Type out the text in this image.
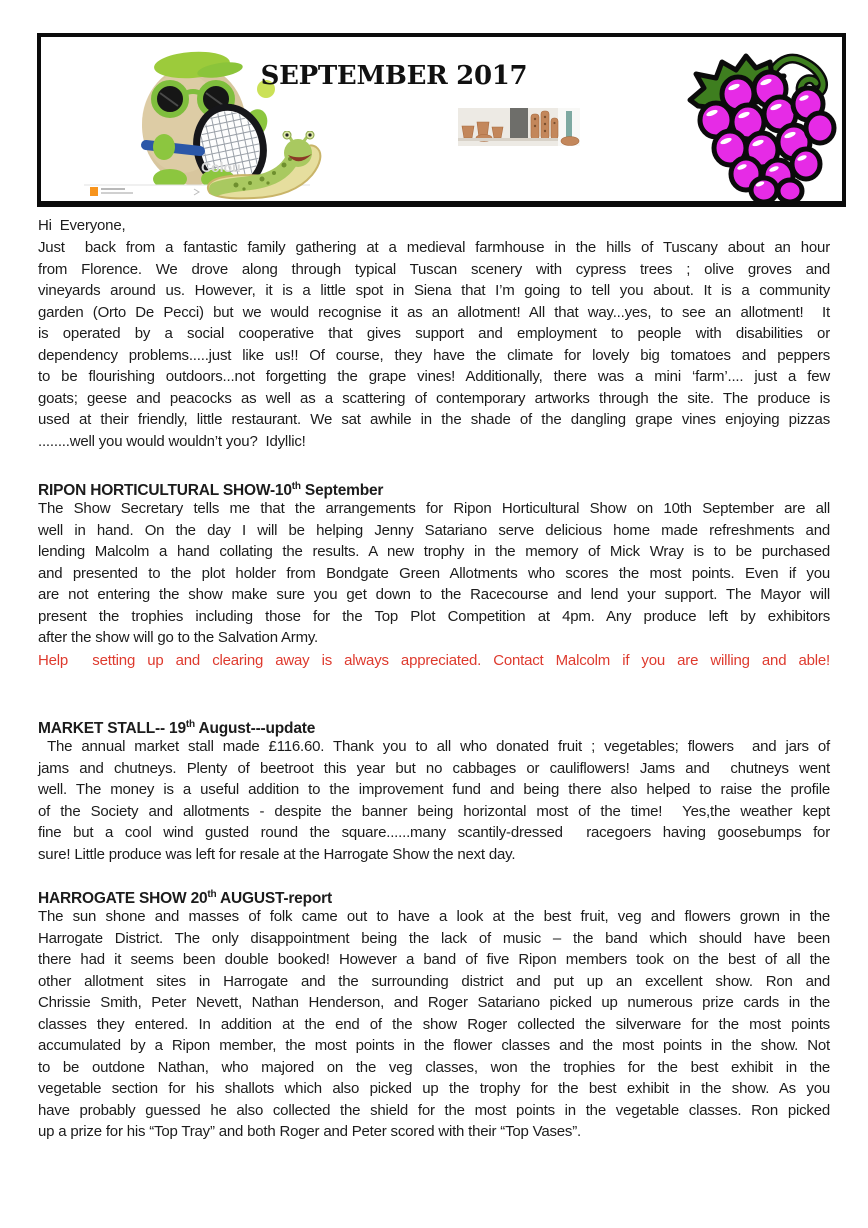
Colou
SEPTEMBER 2017
Hi  Everyone,
Just  back from a fantastic family gathering at a medieval farmhouse in the hills of Tuscany about an hour
from Florence. We drove along through typical Tuscan scenery with cypress trees ; olive groves and
vineyards around us. However, it is a little spot in Siena that I’m going to tell you about. It is a community
garden (Orto De Pecci) but we would recognise it as an allotment! All that way...yes, to see an allotment!  It
is operated by a social cooperative that gives support and employment to people with disabilities or
dependency problems.....just like us!! Of course, they have the climate for lovely big tomatoes and peppers
to be flourishing outdoors...not forgetting the grape vines! Additionally, there was a mini ‘farm’.... just a few
goats; geese and peacocks as well as a scattering of contemporary artworks through the site. The produce is
used at their friendly, little restaurant. We sat awhile in the shade of the dangling grape vines enjoying pizzas
........well you would wouldn’t you?  Idyllic!
RIPON HORTICULTURAL SHOW-10th September
The Show Secretary tells me that the arrangements for Ripon Horticultural Show on 10th September are all
well in hand. On the day I will be helping Jenny Satariano serve delicious home made refreshments and
lending Malcolm a hand collating the results. A new trophy in the memory of Mick Wray is to be purchased
and presented to the plot holder from Bondgate Green Allotments who scores the most points. Even if you
are not entering the show make sure you get down to the Racecourse and lend your support. The Mayor will
present the trophies including those for the Top Plot Competition at 4pm. Any produce left by exhibitors
after the show will go to the Salvation Army.
Help  setting up and clearing away is always appreciated. Contact Malcolm if you are willing and able!
MARKET STALL-- 19th August---update
The annual market stall made £116.60. Thank you to all who donated fruit ; vegetables; flowers  and jars of
jams and chutneys. Plenty of beetroot this year but no cabbages or cauliflowers! Jams and  chutneys went
well. The money is a useful addition to the improvement fund and being there also helped to raise the profile
of the Society and allotments - despite the banner being horizontal most of the time!  Yes,the weather kept
fine but a cool wind gusted round the square......many scantily-dressed  racegoers having goosebumps for
sure! Little produce was left for resale at the Harrogate Show the next day.
HARROGATE SHOW 20th AUGUST-report
The sun shone and masses of folk came out to have a look at the best fruit, veg and flowers grown in the
Harrogate District. The only disappointment being the lack of music – the band which should have been
there had it seems been double booked! However a band of five Ripon members took on the best of all the
other allotment sites in Harrogate and the surrounding district and put up an excellent show. Ron and
Chrissie Smith, Peter Nevett, Nathan Henderson, and Roger Satariano picked up numerous prize cards in the
classes they entered. In addition at the end of the show Roger collected the silverware for the most points
accumulated by a Ripon member, the most points in the flower classes and the most points in the show. Not
to be outdone Nathan, who majored on the veg classes, won the trophies for the best exhibit in the
vegetable section for his shallots which also picked up the trophy for the best exhibit in the show. As you
have probably guessed he also collected the shield for the most points in the vegetable classes. Ron picked
up a prize for his “Top Tray” and both Roger and Peter scored with their “Top Vases”.
